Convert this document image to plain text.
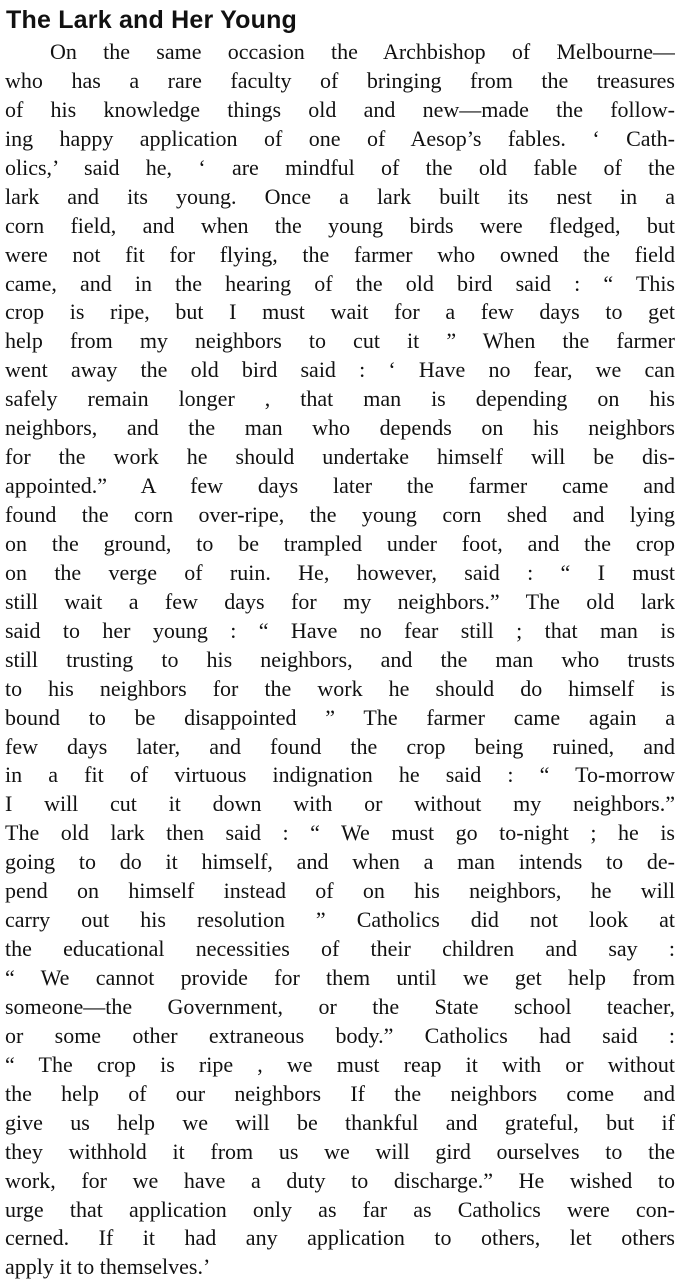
The Lark and Her Young
On the same occasion the Archbishop of Melbourne—
who has a rare faculty of bringing from the treasures
of his knowledge things old and new—made the follow-
ing happy application of one of Aesop’s fables. ‘ Cath-
olics,’ said he, ‘ are mindful of the old fable of the
lark and its young. Once a lark built its nest in a
corn field, and when the young birds were fledged, but
were not fit for flying, the farmer who owned the field
came, and in the hearing of the old bird said : “ This
crop is ripe, but I must wait for a few days to get
help from my neighbors to cut it ” When the farmer
went away the old bird said : ‘ Have no fear, we can
safely remain longer , that man is depending on his
neighbors, and the man who depends on his neighbors
for the work he should undertake himself will be dis-
appointed.” A few days later the farmer came and
found the corn over-ripe, the young corn shed and lying
on the ground, to be trampled under foot, and the crop
on the verge of ruin. He, however, said : “ I must
still wait a few days for my neighbors.” The old lark
said to her young : “ Have no fear still ; that man is
still trusting to his neighbors, and the man who trusts
to his neighbors for the work he should do himself is
bound to be disappointed ” The farmer came again a
few days later, and found the crop being ruined, and
in a fit of virtuous indignation he said : “ To-morrow
I will cut it down with or without my neighbors.”
The old lark then said : “ We must go to-night ; he is
going to do it himself, and when a man intends to de-
pend on himself instead of on his neighbors, he will
carry out his resolution ” Catholics did not look at
the educational necessities of their children and say :
“ We cannot provide for them until we get help from
someone—the Government, or the State school teacher,
or some other extraneous body.” Catholics had said :
“ The crop is ripe , we must reap it with or without
the help of our neighbors If the neighbors come and
give us help we will be thankful and grateful, but if
they withhold it from us we will gird ourselves to the
work, for we have a duty to discharge.” He wished to
urge that application only as far as Catholics were con-
cerned. If it had any application to others, let others
apply it to themselves.’
